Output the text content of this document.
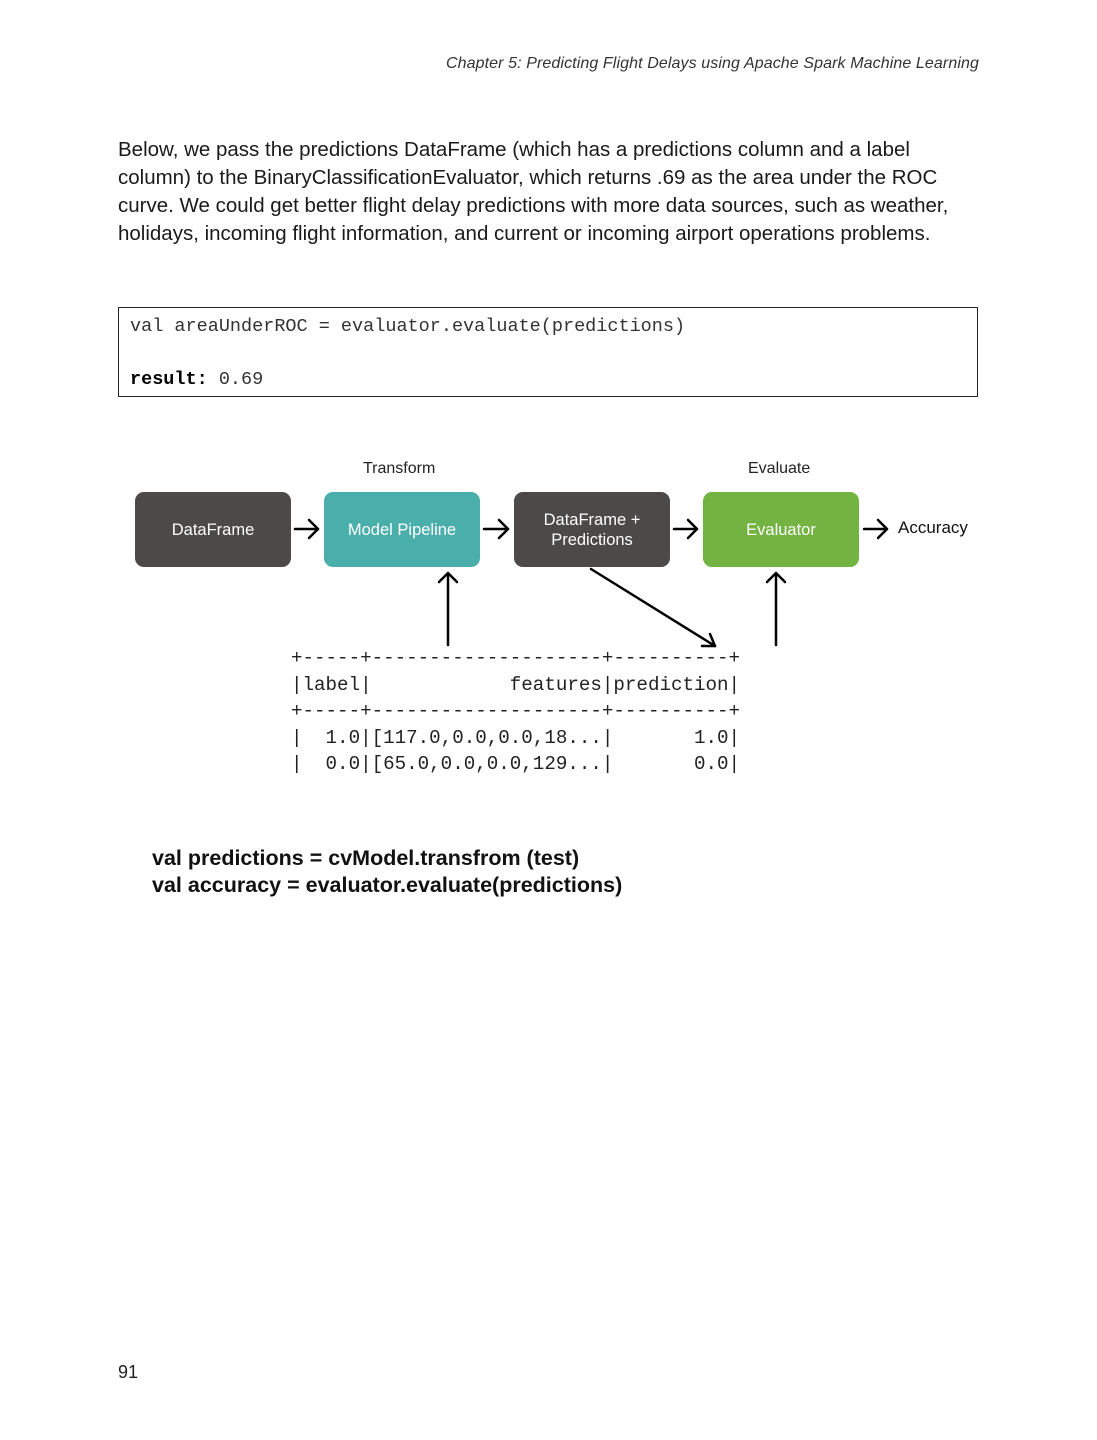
Chapter 5: Predicting Flight Delays using Apache Spark Machine Learning
Below, we pass the predictions DataFrame (which has a predictions column and a label column) to the BinaryClassificationEvaluator, which returns .69 as the area under the ROC curve. We could get better flight delay predictions with more data sources, such as weather, holidays, incoming flight information, and current or incoming airport operations problems.
val areaUnderROC = evaluator.evaluate(predictions)
result: 0.69
Transform	Evaluate
DataFrame	Model Pipeline
DataFrame +
Predictions
Evaluator	Accuracy
+-----+--------------------+----------+
|label|            features|prediction|
+-----+--------------------+----------+
|  1.0|[117.0,0.0,0.0,18...|       1.0|
|  0.0|[65.0,0.0,0.0,129...|       0.0|
val predictions = cvModel.transfrom (test)
val accuracy = evaluator.evaluate(predictions)
91
